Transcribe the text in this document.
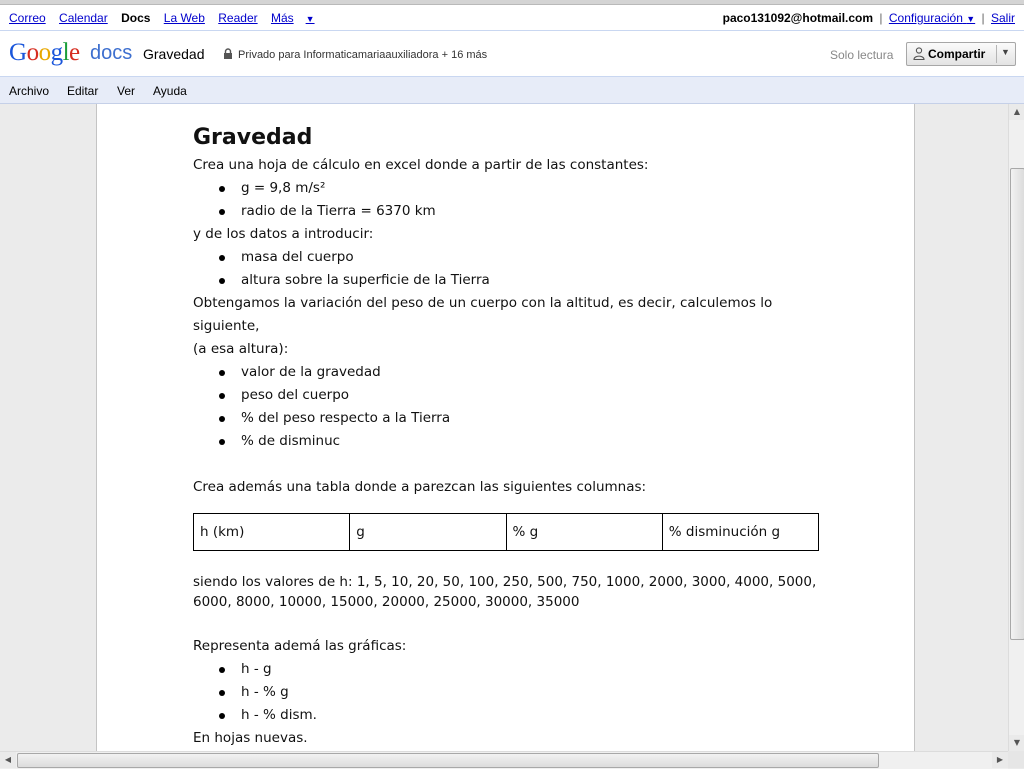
Correo Calendar Docs La Web Reader Más ▼	paco131092@hotmail.com | Configuración ▼ | Salir
Google docs Gravedad	Privado para Informaticamariaauxiliadora + 16 más	Solo lectura	Compartir ▼
Archivo Editar Ver Ayuda
Gravedad

Crea una hoja de cálculo en excel donde a partir de las constantes:

g = 9,8 m/s²
radio de la Tierra = 6370 km

y de los datos a introducir:

masa del cuerpo
altura sobre la superficie de la Tierra

Obtengamos la variación del peso de un cuerpo con la altitud, es decir, calculemos lo siguiente,

(a esa altura):

valor de la gravedad
peso del cuerpo
% del peso respecto a la Tierra
% de disminuc

Crea además una tabla donde a parezcan las siguientes columnas:

h (km)	g	% g	% disminución g

siendo los valores de h: 1, 5, 10, 20, 50, 100, 250, 500, 750, 1000, 2000, 3000, 4000, 5000,

6000, 8000, 10000, 15000, 20000, 25000, 30000, 35000

Representa ademá las gráficas:

h - g
h - % g
h - % dism.

En hojas nuevas.

▲
▼
◀	▶
